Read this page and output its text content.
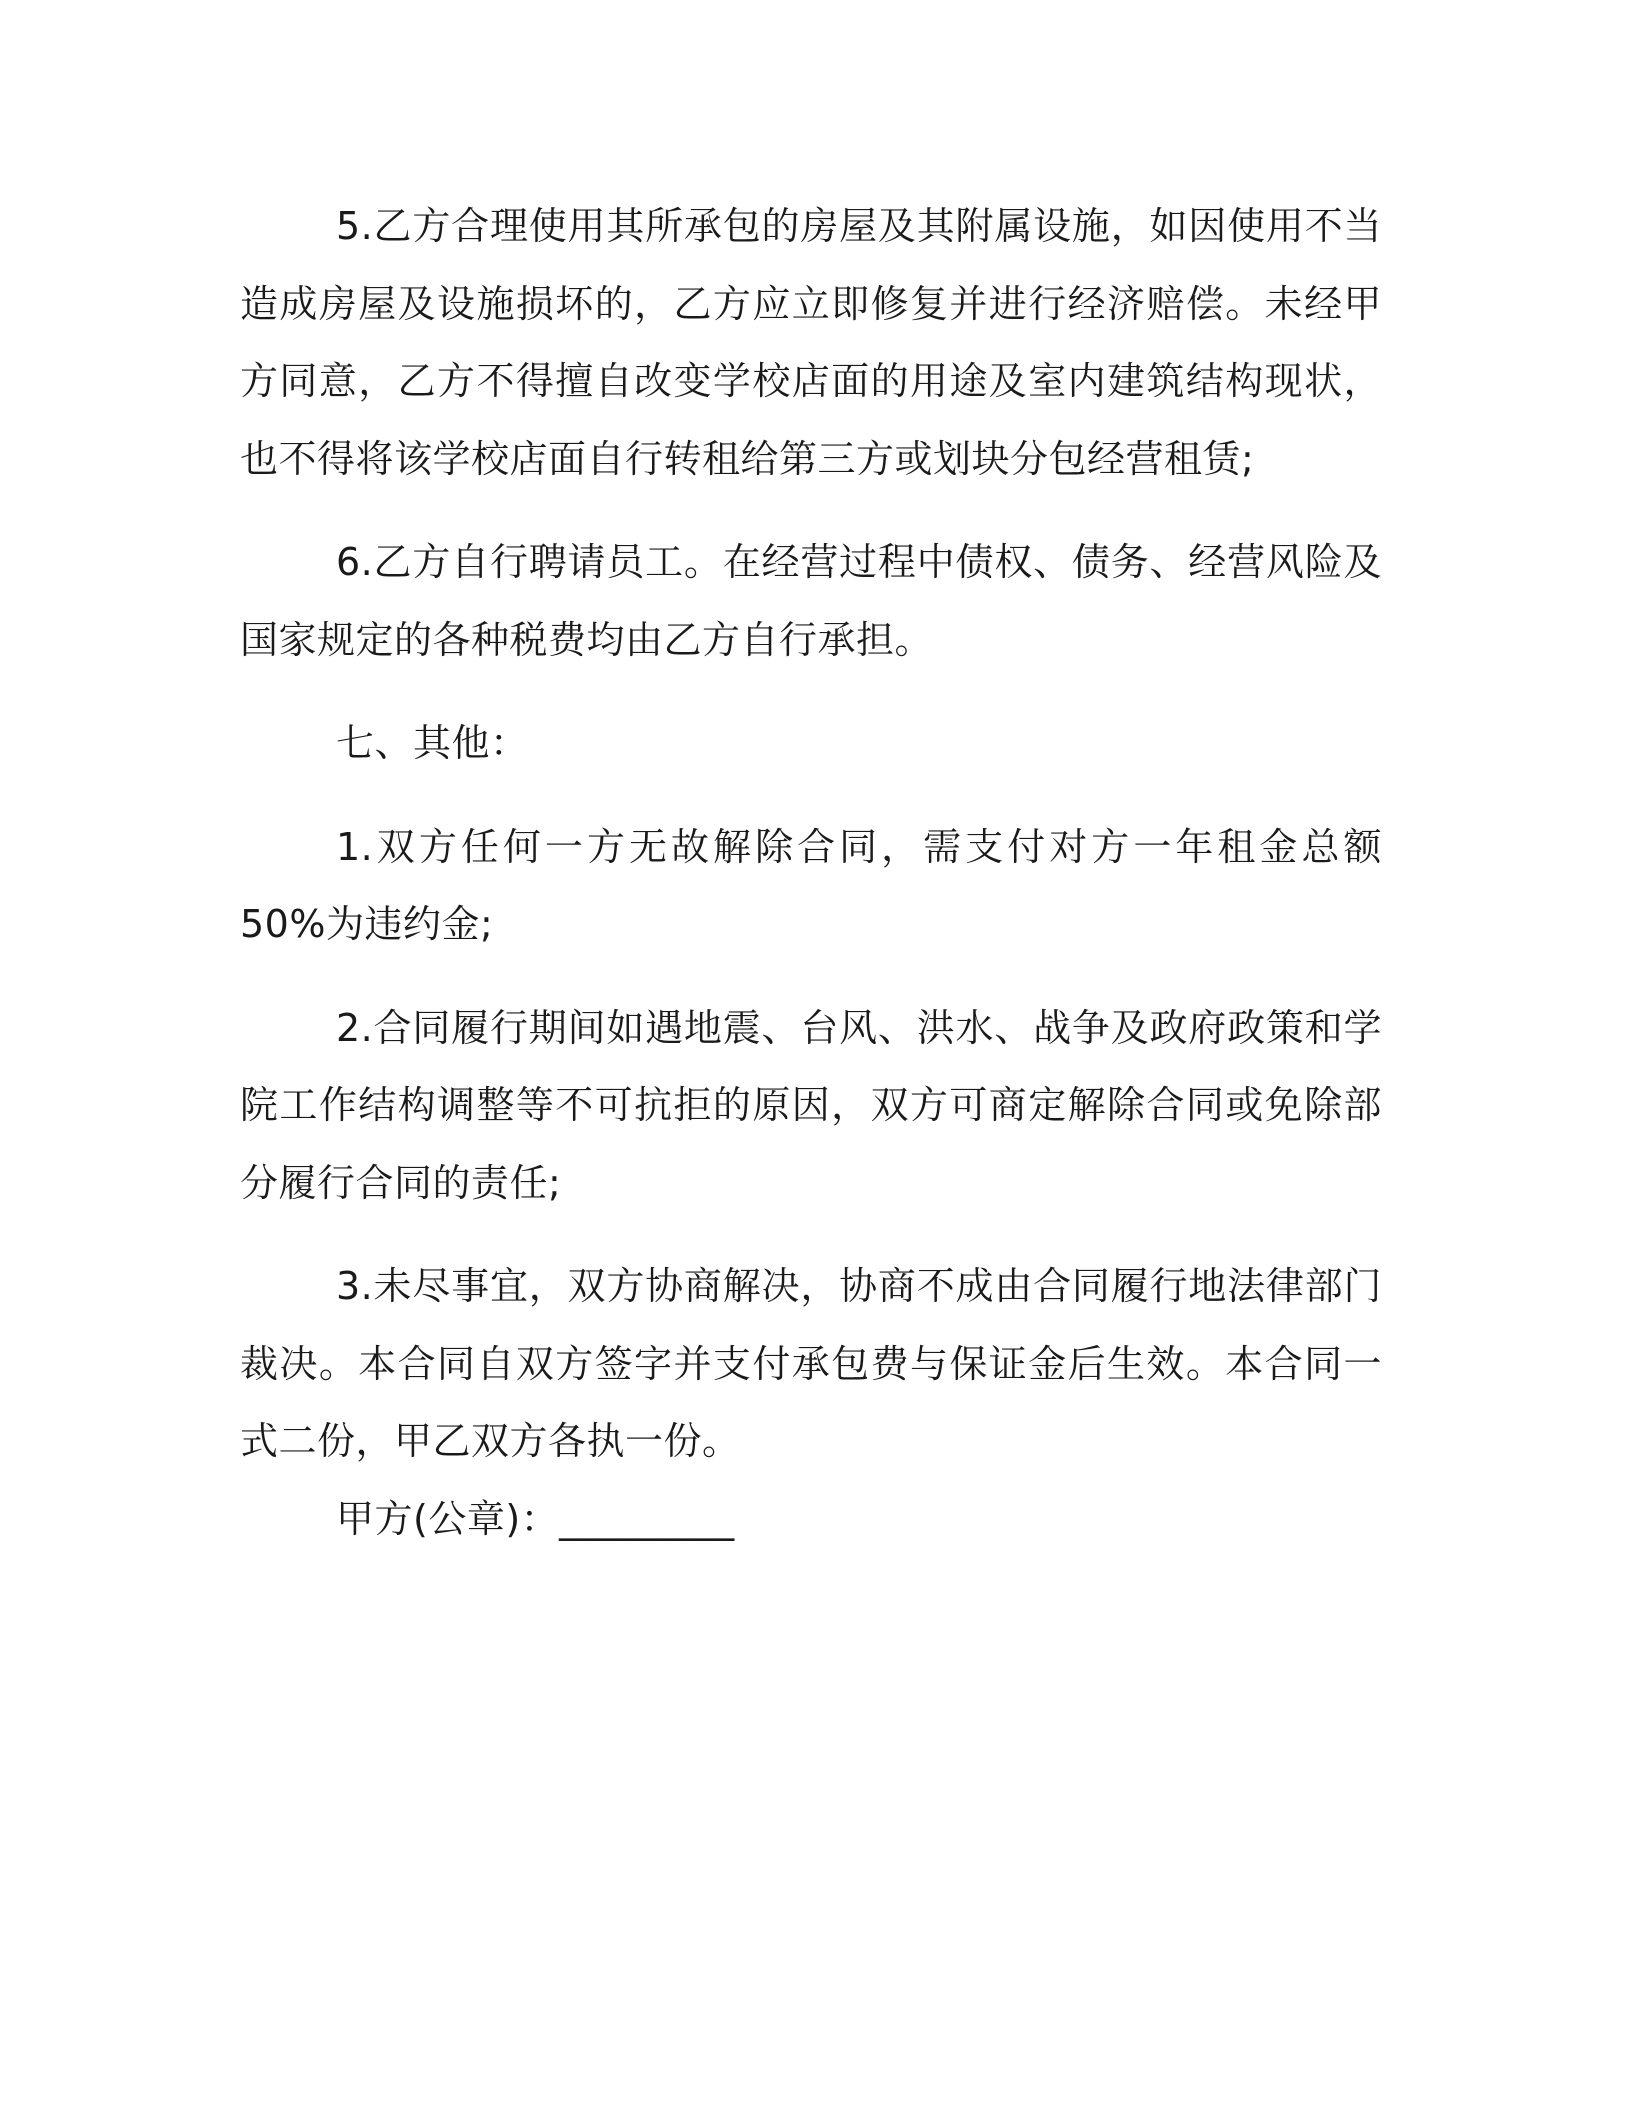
5.乙方合理使用其所承包的房屋及其附属设施，如因使用不当造成房屋及设施损坏的，乙方应立即修复并进行经济赔偿。未经甲方同意，乙方不得擅自改变学校店面的用途及室内建筑结构现状，也不得将该学校店面自行转租给第三方或划块分包经营租赁;

6.乙方自行聘请员工。在经营过程中债权、债务、经营风险及国家规定的各种税费均由乙方自行承担。

七、其他：

1.双方任何一方无故解除合同，需支付对方一年租金总额 50%为违约金;

2.合同履行期间如遇地震、台风、洪水、战争及政府政策和学院工作结构调整等不可抗拒的原因，双方可商定解除合同或免除部分履行合同的责任;

3.未尽事宜，双方协商解决，协商不成由合同履行地法律部门裁决。本合同自双方签字并支付承包费与保证金后生效。本合同一式二份，甲乙双方各执一份。

甲方(公章)：_________
